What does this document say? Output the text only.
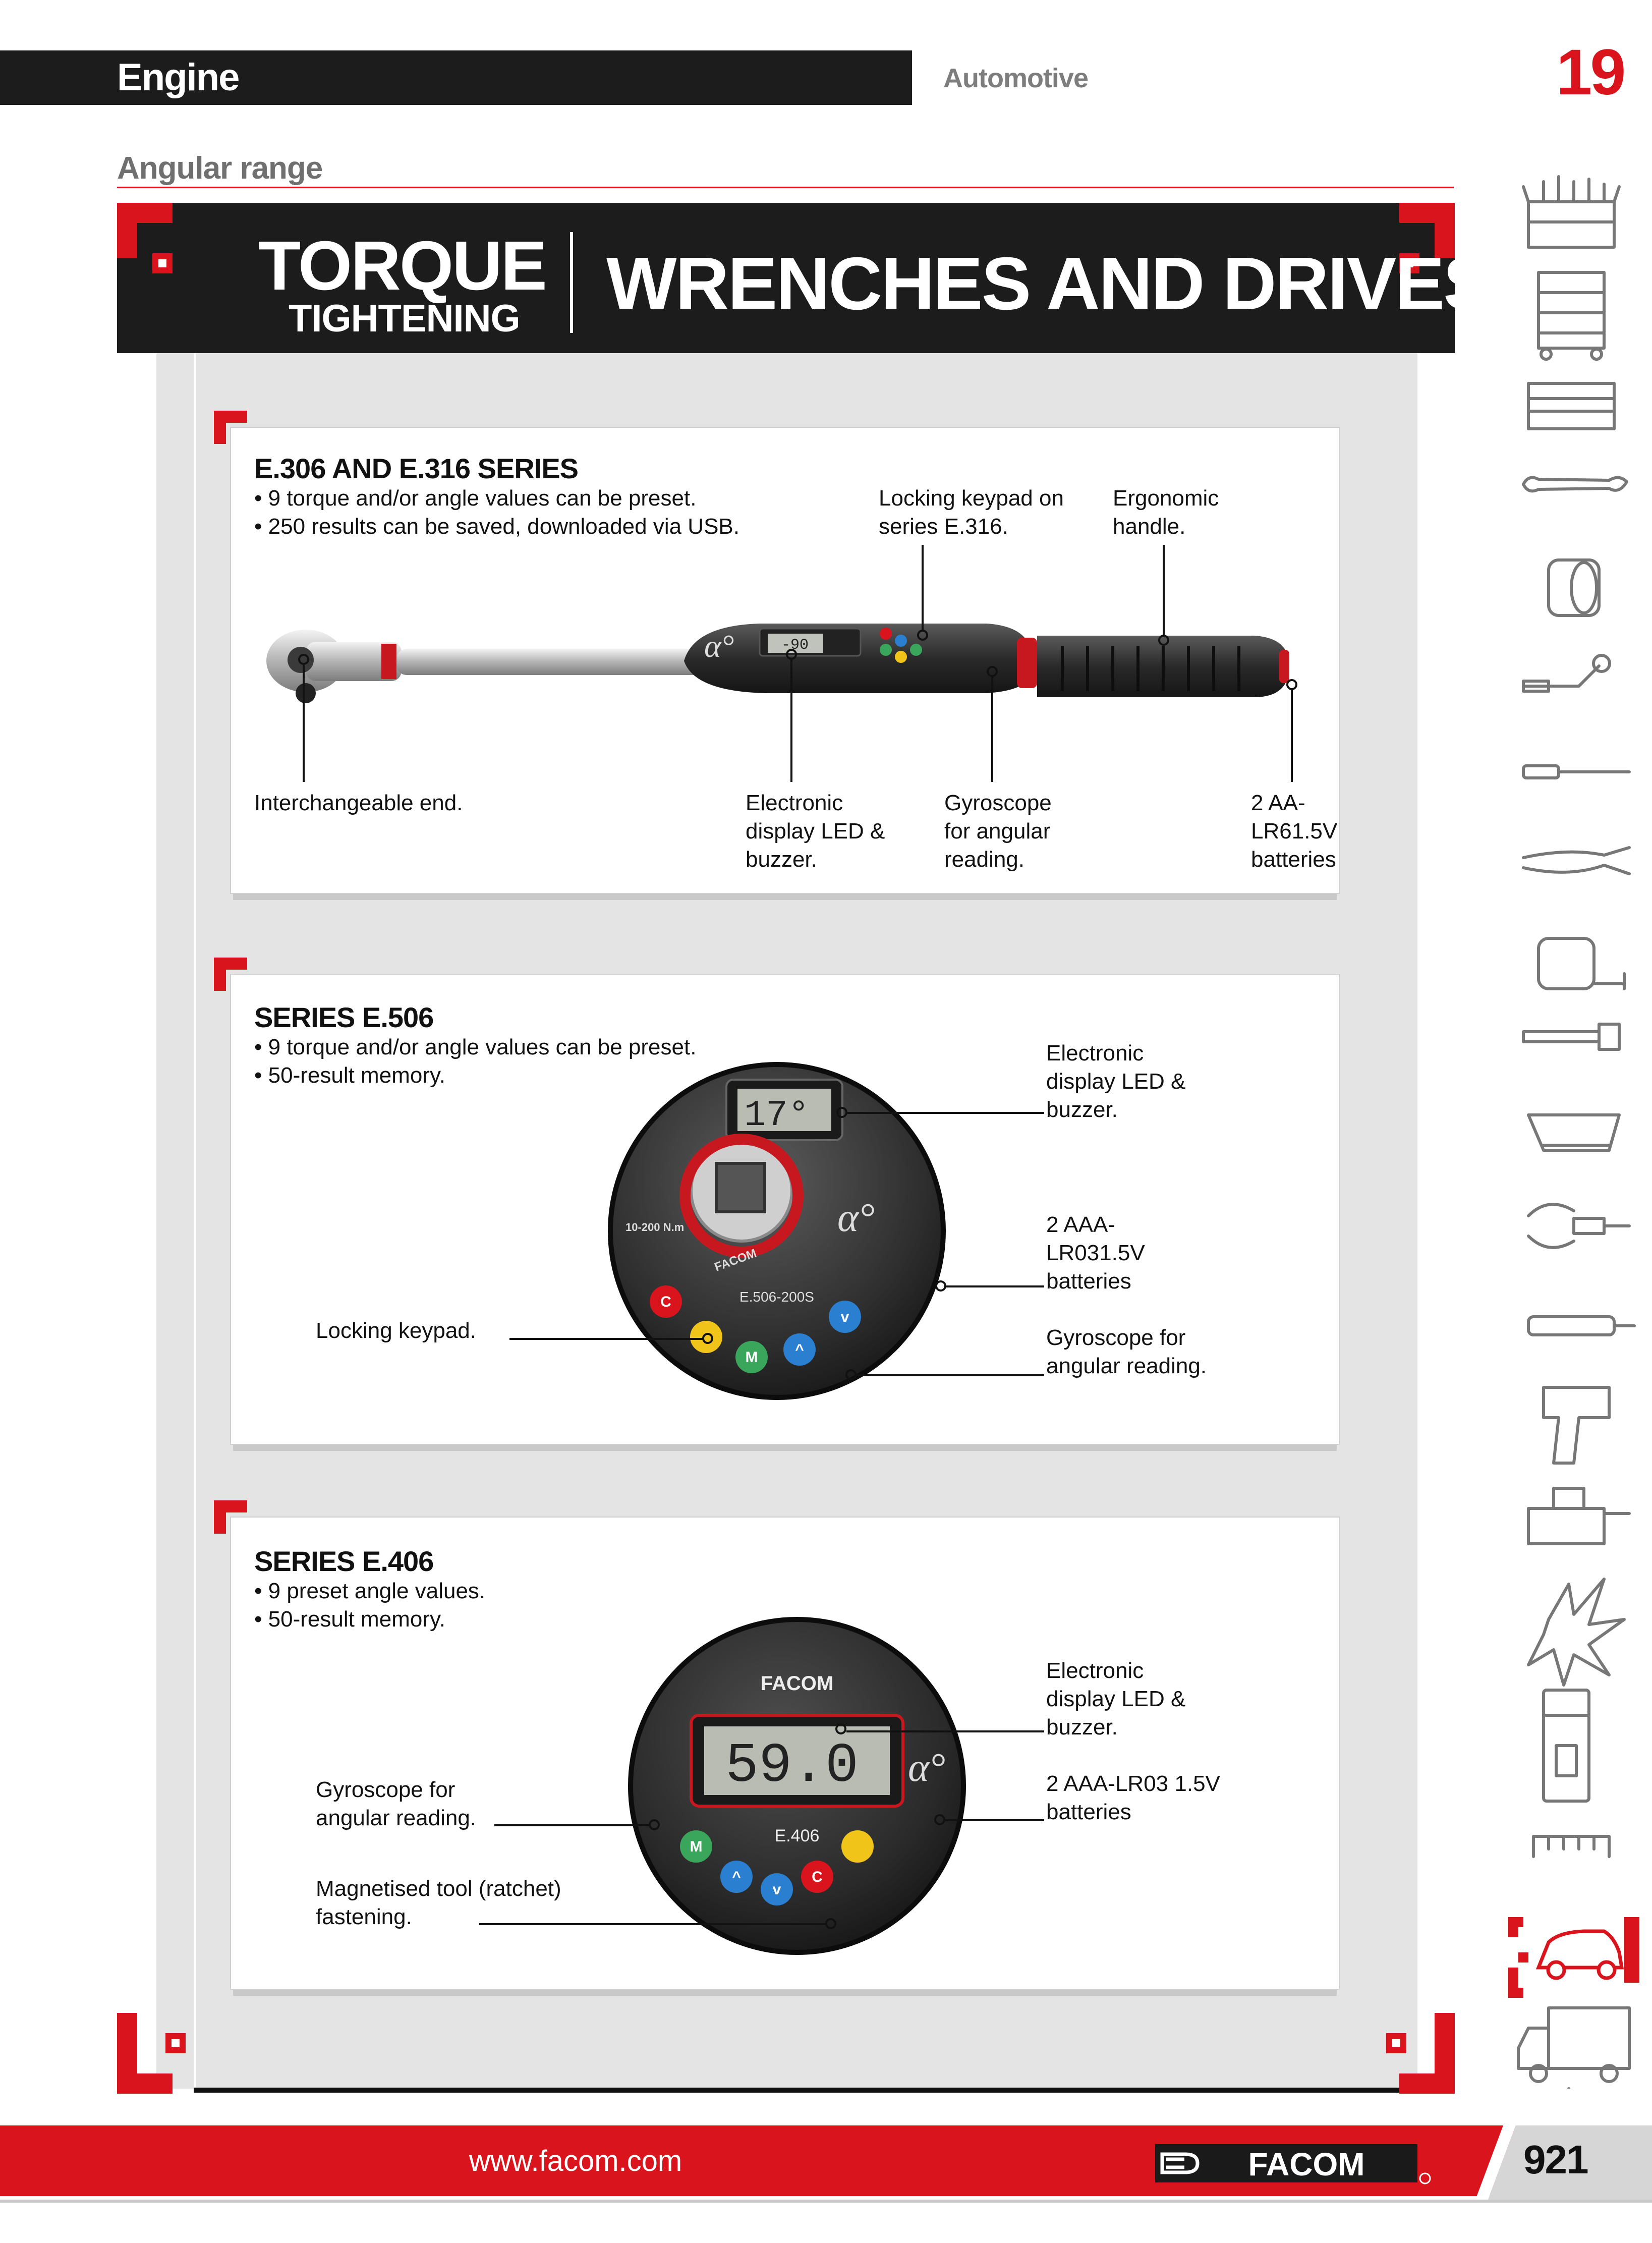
Engine	Automotive	19
Angular range
TORQUE
TIGHTENING WRENCHES AND DRIVES
E.306 AND E.316 SERIES
• 9 torque and/or angle values can be preset.
• 250 results can be saved, downloaded via USB.
Locking keypad on
series E.316.
Ergonomic
handle.
-90
α°
Interchangeable end.	Electronic
display LED &
buzzer.
Gyroscope
for angular
reading.
2 AA-
LR61.5V
batteries
SERIES E.506
• 9 torque and/or angle values can be preset.
• 50-result memory.
17°
10-200 N.m	α°
FACOM
E.506-200S
C
M ^
v
Electronic
display LED &
buzzer.
2 AAA-
LR031.5V
batteries
Locking keypad.	Gyroscope for
angular reading.
SERIES E.406
• 9 preset angle values.
• 50-result memory.
FACOM
59.0 α°
E.406
M
^
v
C
Electronic
display LED &
buzzer.
2 AAA-LR03 1.5V
batteries
Gyroscope for
angular reading.
Magnetised tool (ratchet)
fastening.
www.facom.com	FACOM	921
